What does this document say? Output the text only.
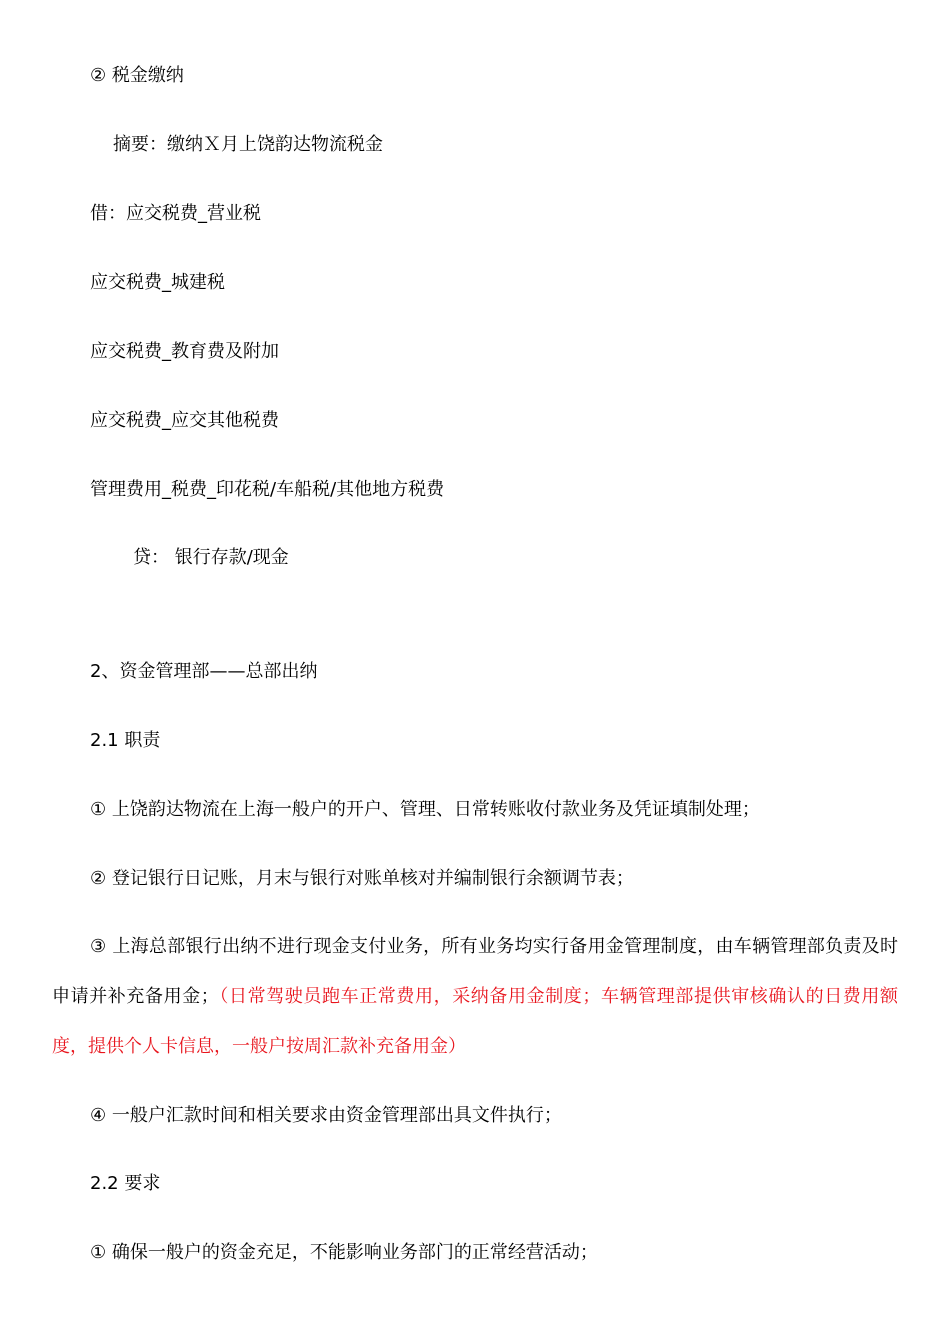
② 税金缴纳
摘要：缴纳Ｘ月上饶韵达物流税金
借：应交税费_营业税
应交税费_城建税
应交税费_教育费及附加
应交税费_应交其他税费
管理费用_税费_印花税/车船税/其他地方税费
贷： 银行存款/现金
2、资金管理部——总部出纳
2.1 职责
① 上饶韵达物流在上海一般户的开户、管理、日常转账收付款业务及凭证填制处理；
② 登记银行日记账，月末与银行对账单核对并编制银行余额调节表；
③ 上海总部银行出纳不进行现金支付业务，所有业务均实行备用金管理制度，由车辆管理部负责及时申请并补充备用金；（日常驾驶员跑车正常费用，采纳备用金制度；车辆管理部提供审核确认的日费用额度，提供个人卡信息，一般户按周汇款补充备用金）
④ 一般户汇款时间和相关要求由资金管理部出具文件执行；
2.2 要求
① 确保一般户的资金充足，不能影响业务部门的正常经营活动；
